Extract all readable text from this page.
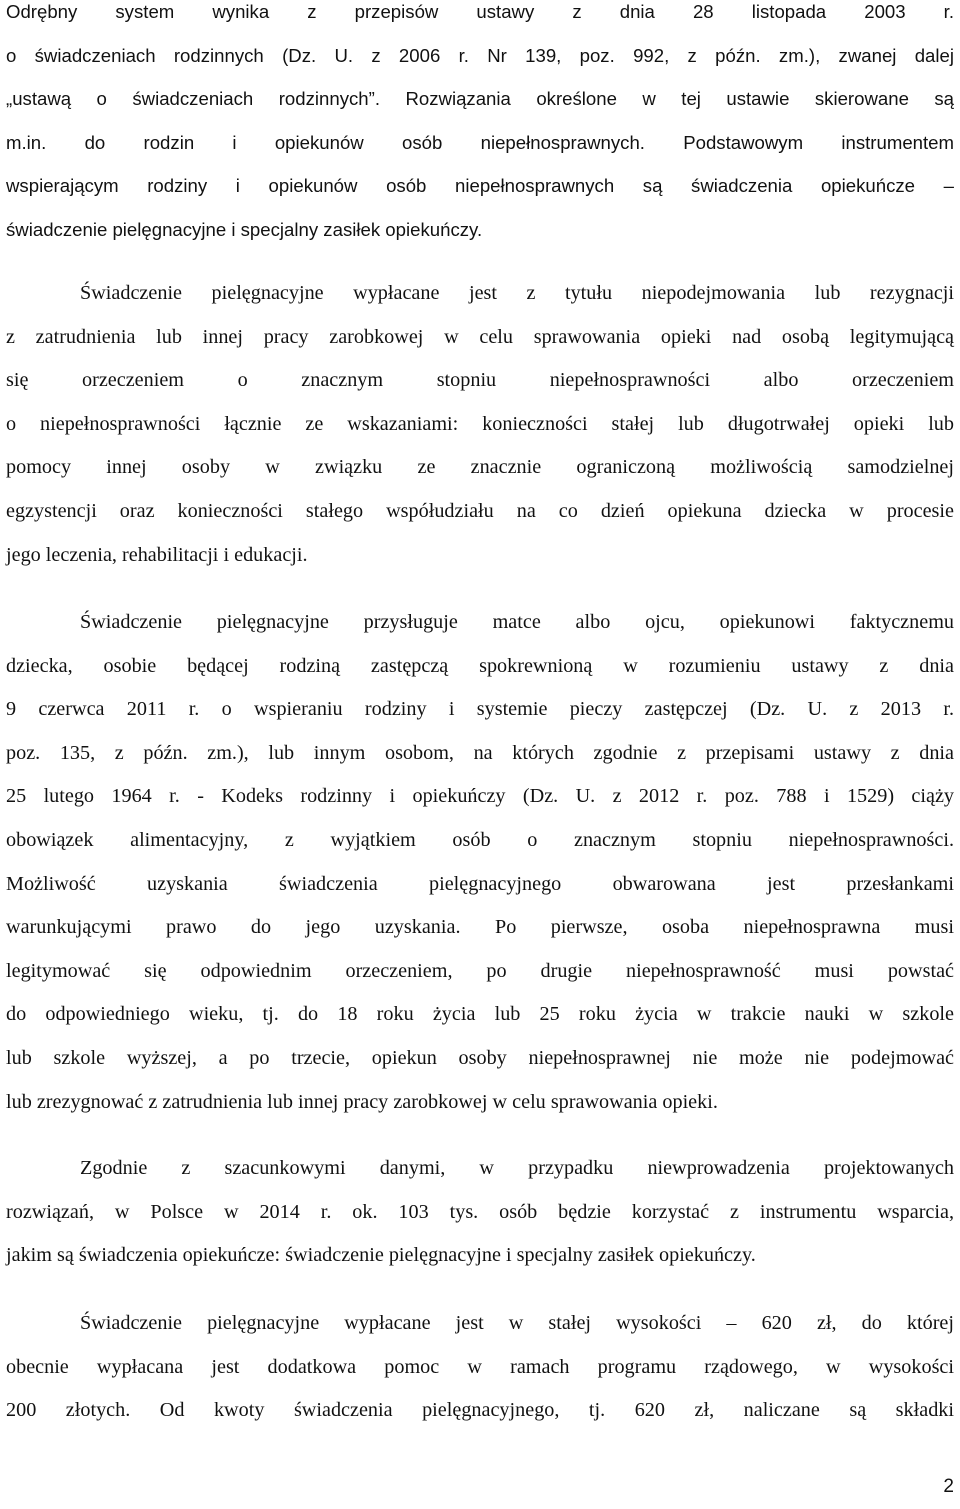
Odrębny system wynika z przepisów ustawy z dnia 28 listopada 2003 r.
o świadczeniach rodzinnych (Dz. U. z 2006 r. Nr 139, poz. 992, z późn. zm.), zwanej dalej
„ustawą o świadczeniach rodzinnych”. Rozwiązania określone w tej ustawie skierowane są
m.in. do rodzin i opiekunów osób niepełnosprawnych. Podstawowym instrumentem
wspierającym rodziny i opiekunów osób niepełnosprawnych są świadczenia opiekuńcze –
świadczenie pielęgnacyjne i specjalny zasiłek opiekuńczy.
Świadczenie pielęgnacyjne wypłacane jest z tytułu niepodejmowania lub rezygnacji
z zatrudnienia lub innej pracy zarobkowej w celu sprawowania opieki nad osobą legitymującą
się orzeczeniem o znacznym stopniu niepełnosprawności albo orzeczeniem
o niepełnosprawności łącznie ze wskazaniami: konieczności stałej lub długotrwałej opieki lub
pomocy innej osoby w związku ze znacznie ograniczoną możliwością samodzielnej
egzystencji oraz konieczności stałego współudziału na co dzień opiekuna dziecka w procesie
jego leczenia, rehabilitacji i edukacji.
Świadczenie pielęgnacyjne przysługuje matce albo ojcu, opiekunowi faktycznemu
dziecka, osobie będącej rodziną zastępczą spokrewnioną w rozumieniu ustawy z dnia
9 czerwca 2011 r. o wspieraniu rodziny i systemie pieczy zastępczej (Dz. U. z 2013 r.
poz. 135, z późn. zm.), lub innym osobom, na których zgodnie z przepisami ustawy z dnia
25 lutego 1964 r. - Kodeks rodzinny i opiekuńczy (Dz. U. z 2012 r. poz. 788 i 1529) ciąży
obowiązek alimentacyjny, z wyjątkiem osób o znacznym stopniu niepełnosprawności.
Możliwość uzyskania świadczenia pielęgnacyjnego obwarowana jest przesłankami
warunkującymi prawo do jego uzyskania. Po pierwsze, osoba niepełnosprawna musi
legitymować się odpowiednim orzeczeniem, po drugie niepełnosprawność musi powstać
do odpowiedniego wieku, tj. do 18 roku życia lub 25 roku życia w trakcie nauki w szkole
lub szkole wyższej, a po trzecie, opiekun osoby niepełnosprawnej nie może nie podejmować
lub zrezygnować z zatrudnienia lub innej pracy zarobkowej w celu sprawowania opieki.
Zgodnie z szacunkowymi danymi, w przypadku niewprowadzenia projektowanych
rozwiązań, w Polsce w 2014 r. ok. 103 tys. osób będzie korzystać z instrumentu wsparcia,
jakim są świadczenia opiekuńcze: świadczenie pielęgnacyjne i specjalny zasiłek opiekuńczy.
Świadczenie pielęgnacyjne wypłacane jest w stałej wysokości – 620 zł, do której
obecnie wypłacana jest dodatkowa pomoc w ramach programu rządowego, w wysokości
200 złotych. Od kwoty świadczenia pielęgnacyjnego, tj. 620 zł, naliczane są składki
2
